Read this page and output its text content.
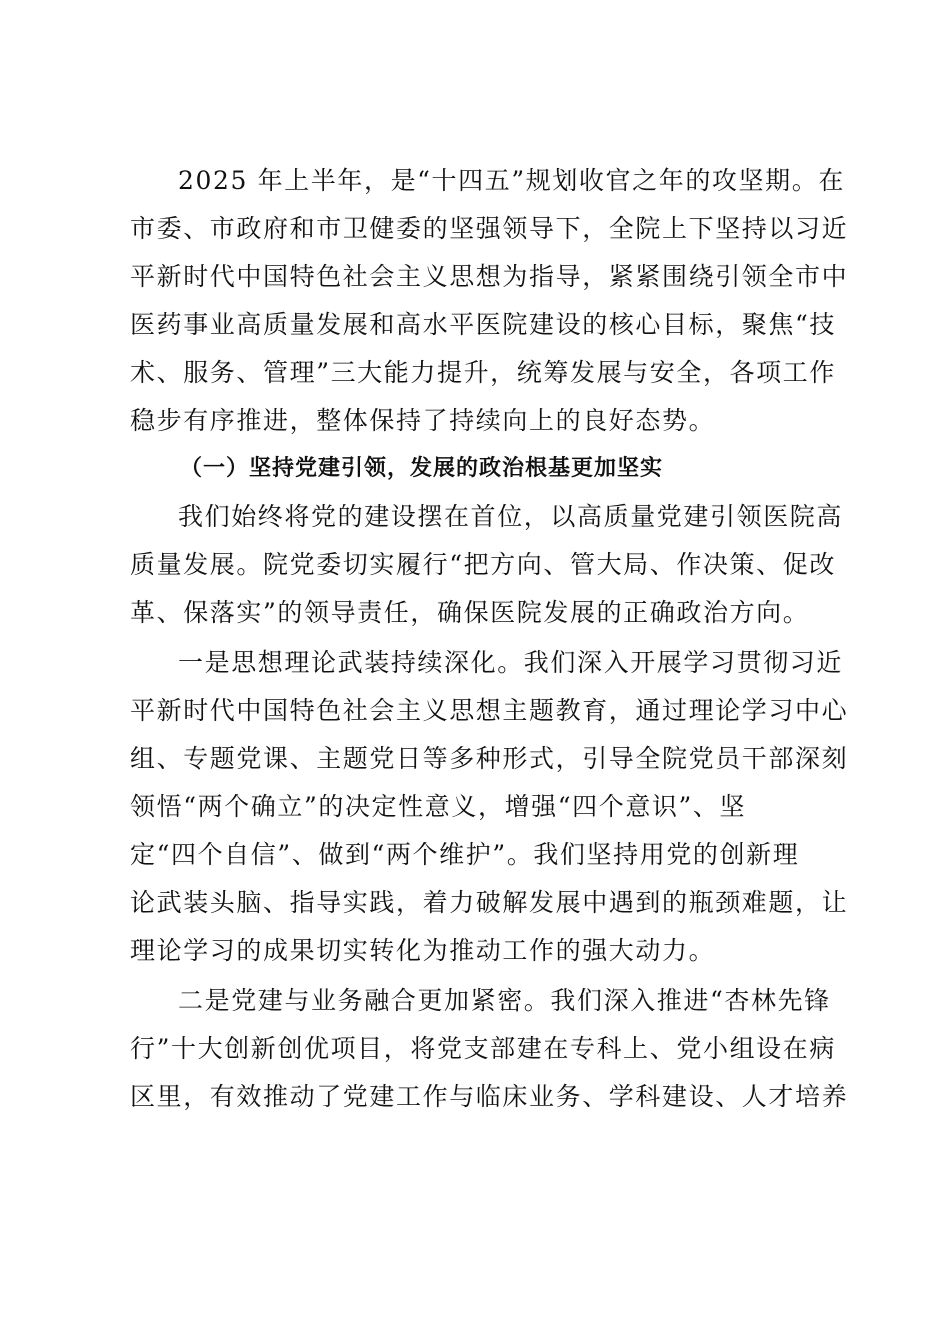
2025 年上半年，是“十四五”规划收官之年的攻坚期。在
市委、市政府和市卫健委的坚强领导下，全院上下坚持以习近
平新时代中国特色社会主义思想为指导，紧紧围绕引领全市中
医药事业高质量发展和高水平医院建设的核心目标，聚焦“技
术、服务、管理”三大能力提升，统筹发展与安全，各项工作
稳步有序推进，整体保持了持续向上的良好态势。
（一）坚持党建引领，发展的政治根基更加坚实
我们始终将党的建设摆在首位，以高质量党建引领医院高
质量发展。院党委切实履行“把方向、管大局、作决策、促改
革、保落实”的领导责任，确保医院发展的正确政治方向。
一是思想理论武装持续深化。我们深入开展学习贯彻习近
平新时代中国特色社会主义思想主题教育，通过理论学习中心
组、专题党课、主题党日等多种形式，引导全院党员干部深刻
领悟“两个确立”的决定性意义，增强“四个意识”、坚
定“四个自信”、做到“两个维护”。我们坚持用党的创新理
论武装头脑、指导实践，着力破解发展中遇到的瓶颈难题，让
理论学习的成果切实转化为推动工作的强大动力。
二是党建与业务融合更加紧密。我们深入推进“杏林先锋
行”十大创新创优项目，将党支部建在专科上、党小组设在病
区里，有效推动了党建工作与临床业务、学科建设、人才培养
